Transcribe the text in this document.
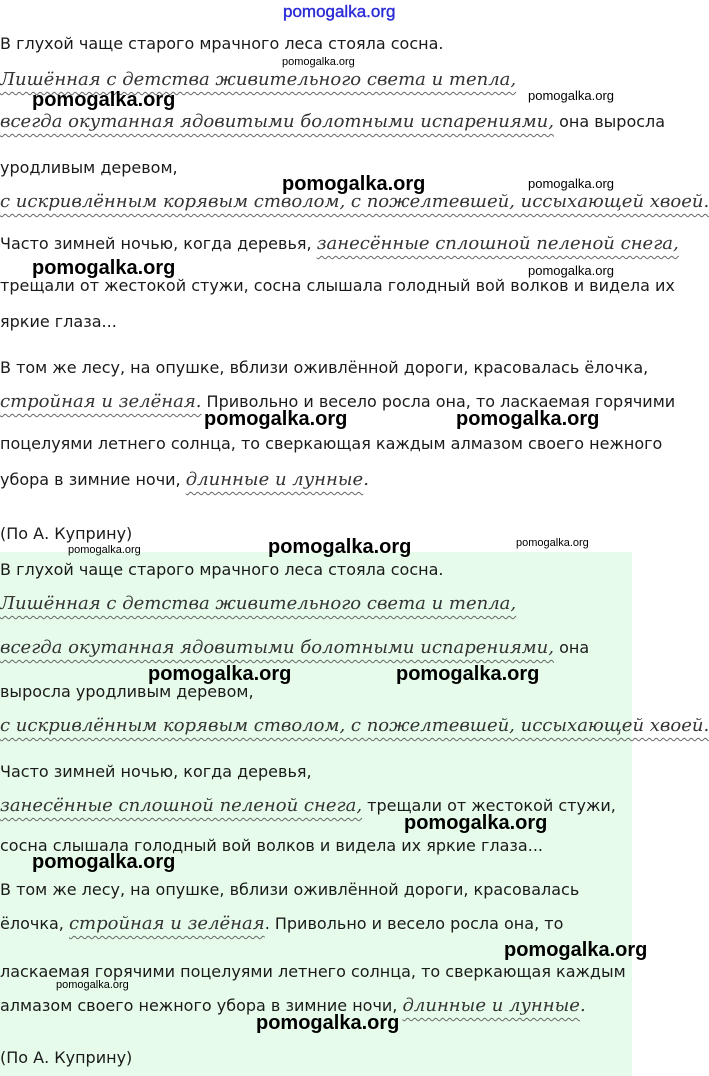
В глухой чаще старого мрачного леса стояла сосна.
Лишённая с детства живительного света и тепла,
всегда окутанная ядовитыми болотными испарениями, она выросла
уродливым деревом,
с искривлённым корявым стволом, с пожелтевшей, иссыхающей хвоей.
Часто зимней ночью, когда деревья, занесённые сплошной пеленой снега,
трещали от жестокой стужи, сосна слышала голодный вой волков и видела их
яркие глаза...
В том же лесу, на опушке, вблизи оживлённой дороги, красовалась ёлочка,
стройная и зелёная. Привольно и весело росла она, то ласкаемая горячими
поцелуями летнего солнца, то сверкающая каждым алмазом своего нежного
убора в зимние ночи, длинные и лунные.
(По А. Куприну)
В глухой чаще старого мрачного леса стояла сосна.
Лишённая с детства живительного света и тепла,
всегда окутанная ядовитыми болотными испарениями, она
выросла уродливым деревом,
с искривлённым корявым стволом, с пожелтевшей, иссыхающей хвоей.
Часто зимней ночью, когда деревья,
занесённые сплошной пеленой снега, трещали от жестокой стужи,
сосна слышала голодный вой волков и видела их яркие глаза...
В том же лесу, на опушке, вблизи оживлённой дороги, красовалась
ёлочка, стройная и зелёная. Привольно и весело росла она, то
ласкаемая горячими поцелуями летнего солнца, то сверкающая каждым
алмазом своего нежного убора в зимние ночи, длинные и лунные.
(По А. Куприну)
pomogalka.org
pomogalka.org
pomogalka.org	pomogalka.org
pomogalka.org	pomogalka.org
pomogalka.org	pomogalka.org
pomogalka.org	pomogalka.org
pomogalka.org	pomogalka.org	pomogalka.org
pomogalka.org	pomogalka.org
pomogalka.org
pomogalka.org
pomogalka.org
pomogalka.org
pomogalka.org
